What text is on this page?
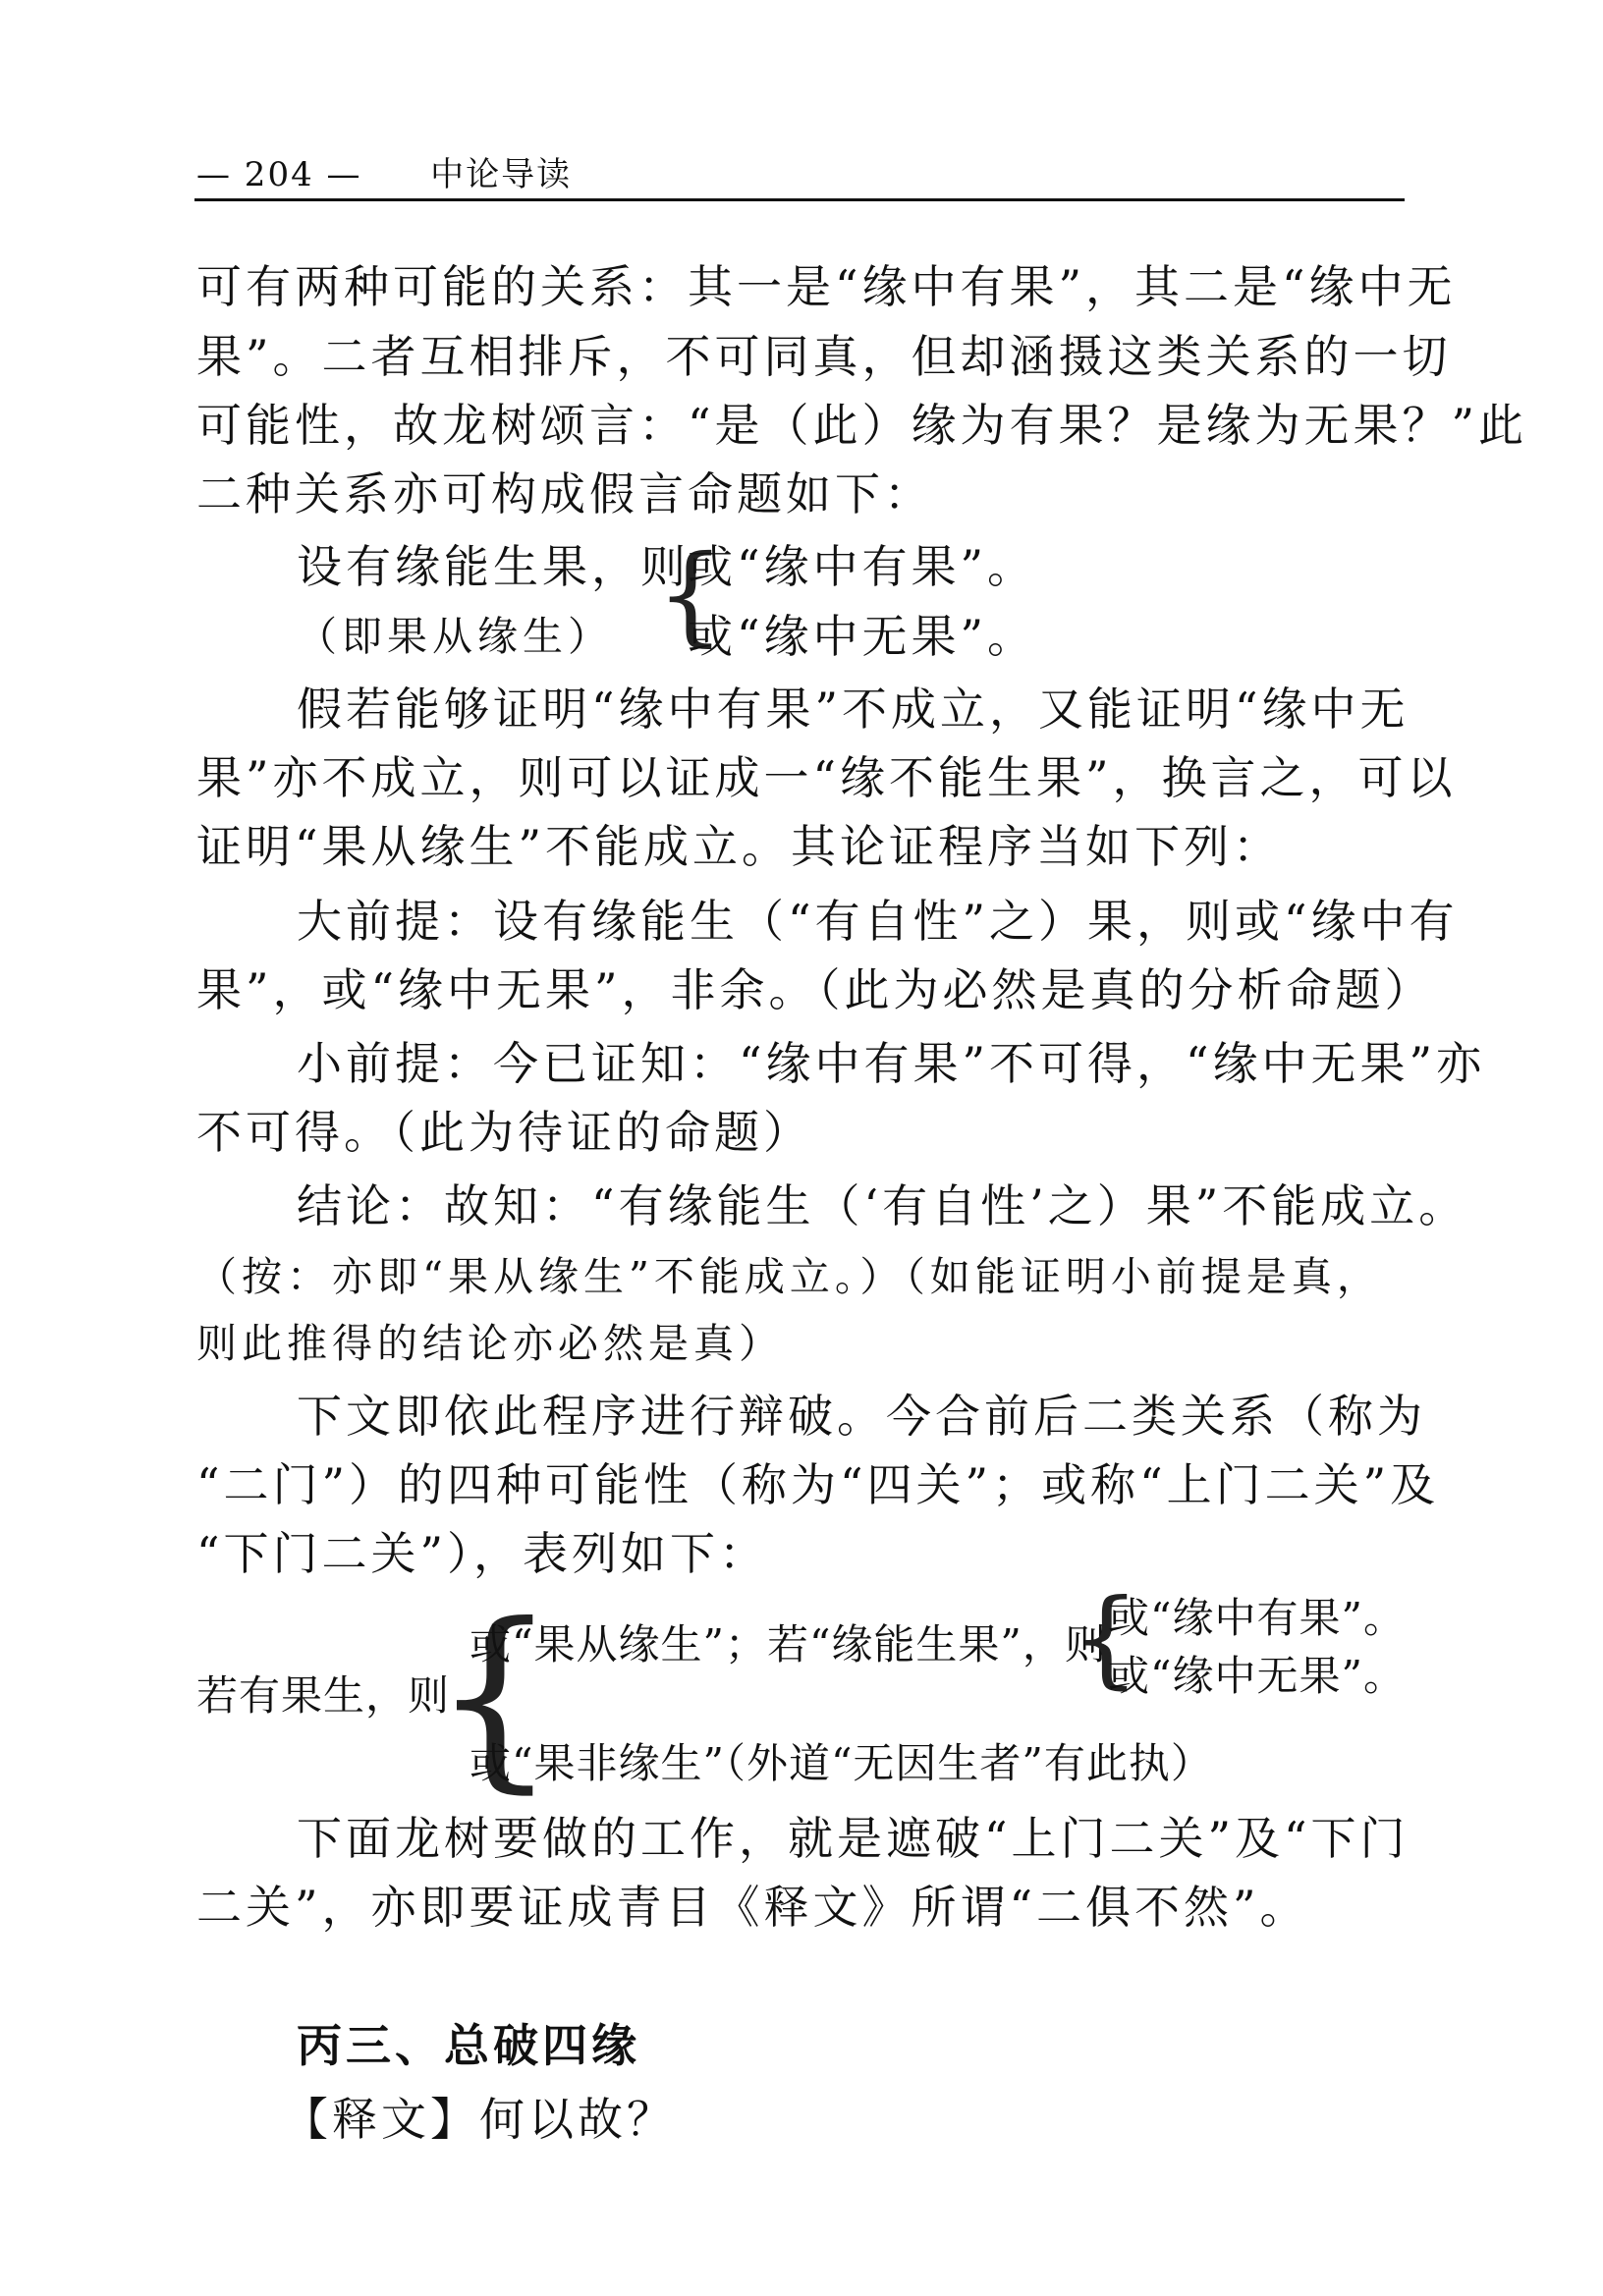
— 204 — 中论导读
可有两种可能的关系：其一是“缘中有果”，其二是“缘中无
果”。二者互相排斥，不可同真，但却涵摄这类关系的一切
可能性，故龙树颂言：“是（此）缘为有果？是缘为无果？”此
二种关系亦可构成假言命题如下：
设有缘能生果，则
（即果从缘生） {
或“缘中有果”。
或“缘中无果”。
假若能够证明“缘中有果”不成立，又能证明“缘中无
果”亦不成立，则可以证成一“缘不能生果”，换言之，可以
证明“果从缘生”不能成立。其论证程序当如下列：
大前提：设有缘能生（“有自性”之）果，则或“缘中有
果”，或“缘中无果”，非余。（此为必然是真的分析命题）
小前提：今已证知：“缘中有果”不可得，“缘中无果”亦
不可得。（此为待证的命题）
结论：故知：“有缘能生（‘有自性’之）果”不能成立。
（按：亦即“果从缘生”不能成立。）（如能证明小前提是真，
则此推得的结论亦必然是真）
下文即依此程序进行辩破。今合前后二类关系（称为
“二门”）的四种可能性（称为“四关”；或称“上门二关”及
“下门二关”），表列如下：
若有果生，则
{
或“果从缘生”；若“缘能生果”，则
{
或“缘中有果”。
或“缘中无果”。
或“果非缘生”（外道“无因生者”有此执）
下面龙树要做的工作，就是遮破“上门二关”及“下门
二关”，亦即要证成青目《释文》所谓“二俱不然”。
丙三、总破四缘
【释文】何以故？
